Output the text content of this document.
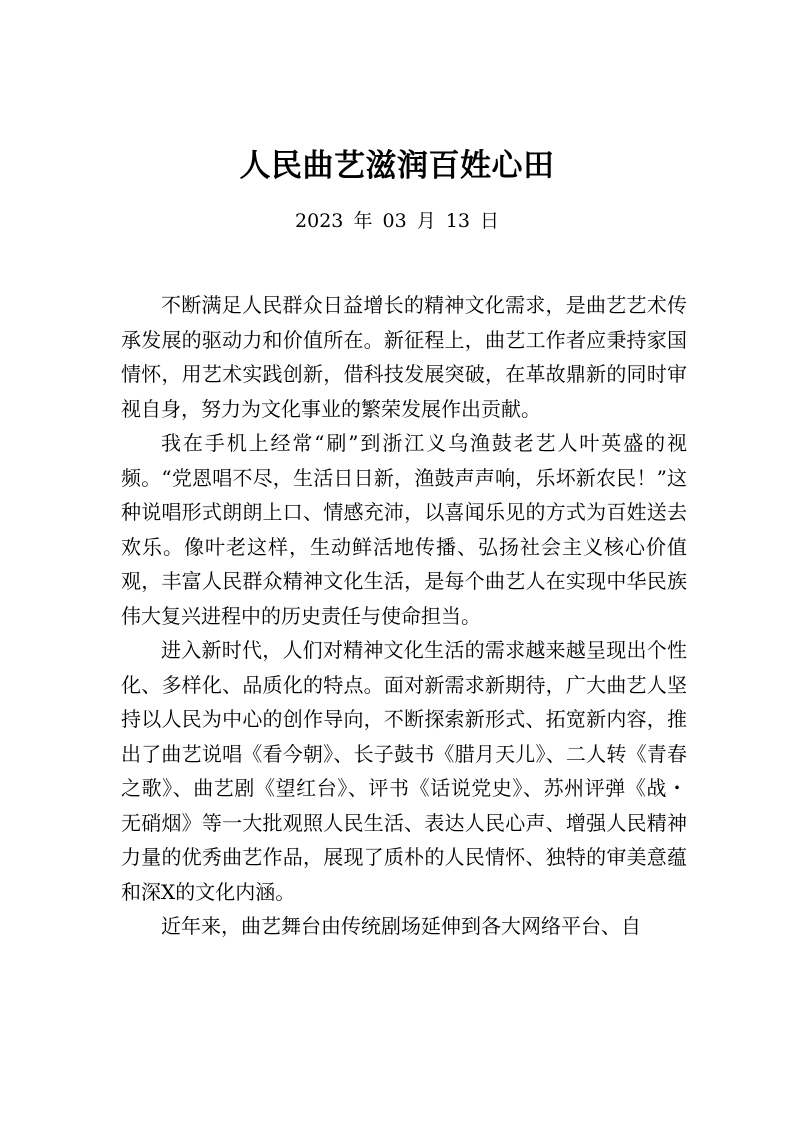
人民曲艺滋润百姓心田
2023 年 03 月 13 日

不断满足人民群众日益增长的精神文化需求，是曲艺艺术传承发展的驱动力和价值所在。新征程上，曲艺工作者应秉持家国情怀，用艺术实践创新，借科技发展突破，在革故鼎新的同时审视自身，努力为文化事业的繁荣发展作出贡献。

我在手机上经常“刷”到浙江义乌渔鼓老艺人叶英盛的视频。“党恩唱不尽，生活日日新，渔鼓声声响，乐坏新农民！”这种说唱形式朗朗上口、情感充沛，以喜闻乐见的方式为百姓送去欢乐。像叶老这样，生动鲜活地传播、弘扬社会主义核心价值观，丰富人民群众精神文化生活，是每个曲艺人在实现中华民族伟大复兴进程中的历史责任与使命担当。

进入新时代，人们对精神文化生活的需求越来越呈现出个性化、多样化、品质化的特点。面对新需求新期待，广大曲艺人坚持以人民为中心的创作导向，不断探索新形式、拓宽新内容，推出了曲艺说唱《看今朝》、长子鼓书《腊月天儿》、二人转《青春之歌》、曲艺剧《望红台》、评书《话说党史》、苏州评弹《战・无硝烟》等一大批观照人民生活、表达人民心声、增强人民精神力量的优秀曲艺作品，展现了质朴的人民情怀、独特的审美意蕴和深X的文化内涵。

近年来，曲艺舞台由传统剧场延伸到各大网络平台、自
